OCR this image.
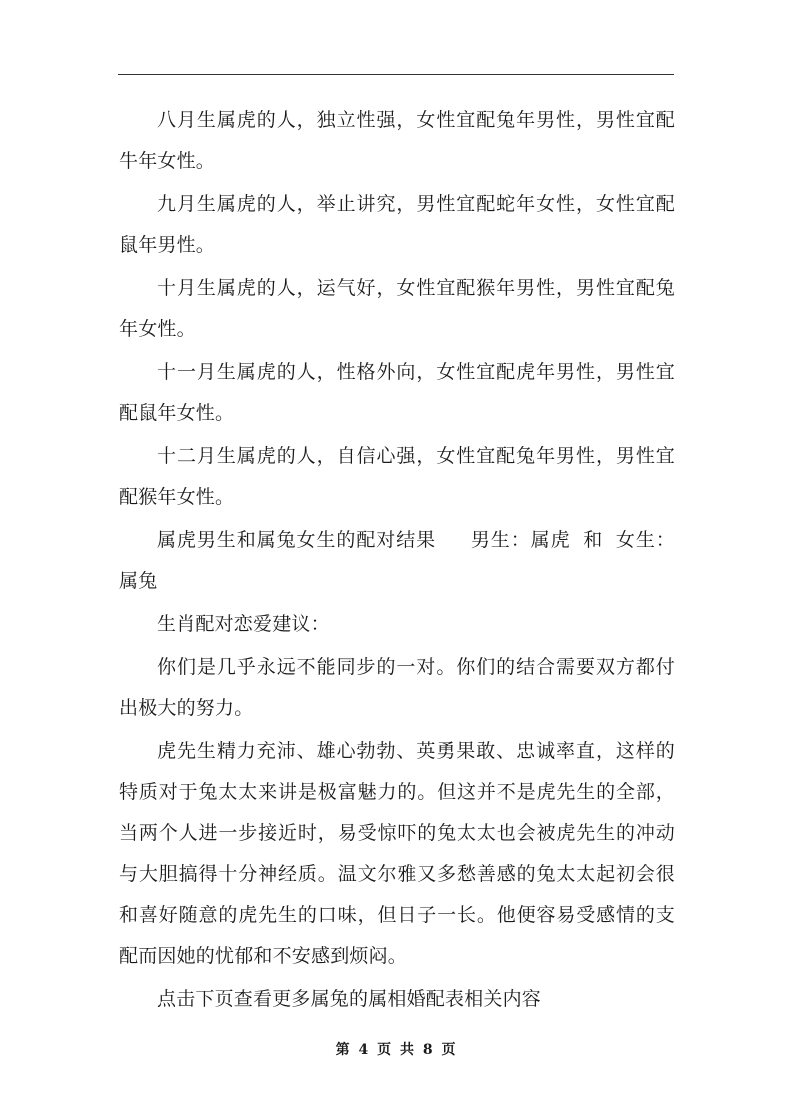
八月生属虎的人，独立性强，女性宜配兔年男性，男性宜配牛年女性。

九月生属虎的人，举止讲究，男性宜配蛇年女性，女性宜配鼠年男性。

十月生属虎的人，运气好，女性宜配猴年男性，男性宜配兔年女性。

十一月生属虎的人，性格外向，女性宜配虎年男性，男性宜配鼠年女性。

十二月生属虎的人，自信心强，女性宜配兔年男性，男性宜配猴年女性。

属虎男生和属兔女生的配对结果 男生：属虎 和 女生：属兔

生肖配对恋爱建议：

你们是几乎永远不能同步的一对。你们的结合需要双方都付出极大的努力。

虎先生精力充沛、雄心勃勃、英勇果敢、忠诚率直，这样的特质对于兔太太来讲是极富魅力的。但这并不是虎先生的全部，当两个人进一步接近时，易受惊吓的兔太太也会被虎先生的冲动与大胆搞得十分神经质。温文尔雅又多愁善感的兔太太起初会很和喜好随意的虎先生的口味，但日子一长。他便容易受感情的支配而因她的忧郁和不安感到烦闷。

点击下页查看更多属兔的属相婚配表相关内容

第 4 页 共 8 页
